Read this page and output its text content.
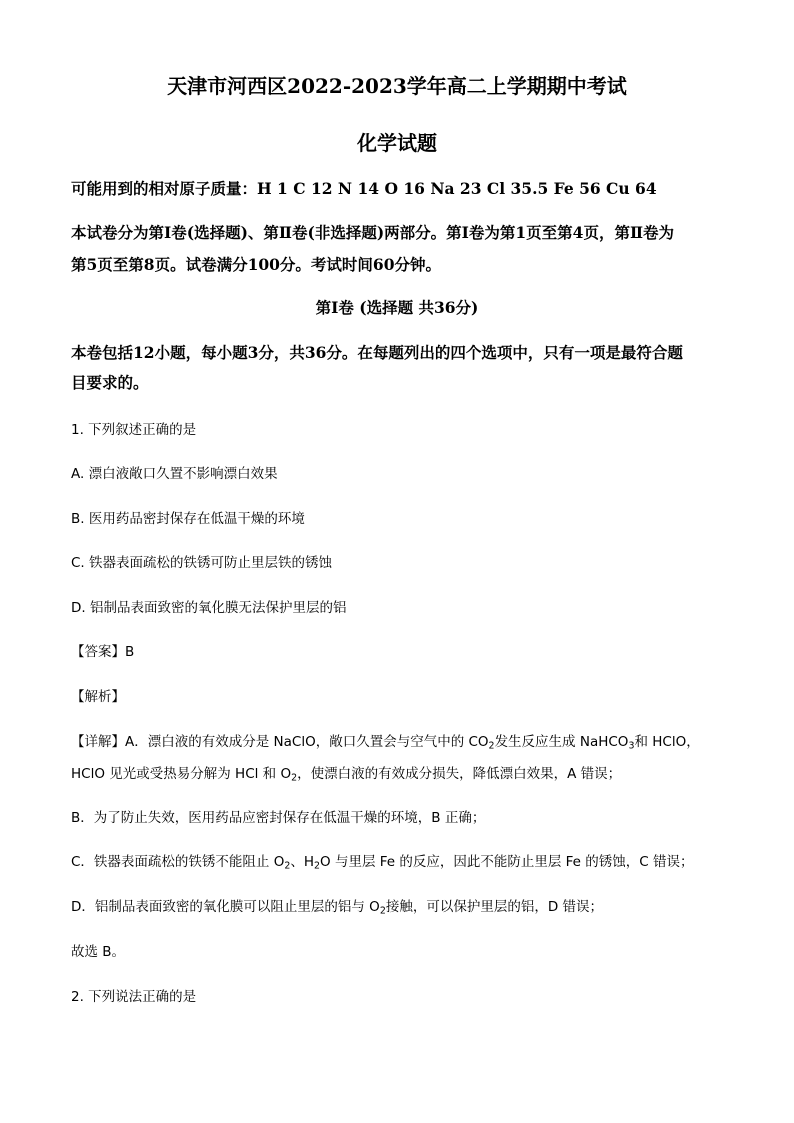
天津市河西区2022-2023学年高二上学期期中考试
化学试题
可能用到的相对原子质量：H 1 C 12 N 14 O 16 Na 23 Cl 35.5 Fe 56 Cu 64
本试卷分为第Ⅰ卷(选择题)、第Ⅱ卷(非选择题)两部分。第Ⅰ卷为第1页至第4页，第Ⅱ卷为
第5页至第8页。试卷满分100分。考试时间60分钟。
第Ⅰ卷 (选择题 共36分)
本卷包括12小题，每小题3分，共36分。在每题列出的四个选项中，只有一项是最符合题
目要求的。
1. 下列叙述正确的是
A. 漂白液敞口久置不影响漂白效果
B. 医用药品密封保存在低温干燥的环境
C. 铁器表面疏松的铁锈可防止里层铁的锈蚀
D. 铝制品表面致密的氧化膜无法保护里层的铝
【答案】B
【解析】
【详解】A．漂白液的有效成分是 NaClO，敞口久置会与空气中的 $CO_2$发生反应生成 NaHCO$_3$和 HClO，
HClO 见光或受热易分解为 HCl 和 $O_2$，使漂白液的有效成分损失，降低漂白效果，A 错误；
B．为了防止失效，医用药品应密封保存在低温干燥的环境，B 正确；
C．铁器表面疏松的铁锈不能阻止 $O_2$、$H_2O$ 与里层 Fe 的反应，因此不能防止里层 Fe 的锈蚀，C 错误；
D．铝制品表面致密的氧化膜可以阻止里层的铝与 $O_2$接触，可以保护里层的铝，D 错误；
故选 B。
2. 下列说法正确的是
